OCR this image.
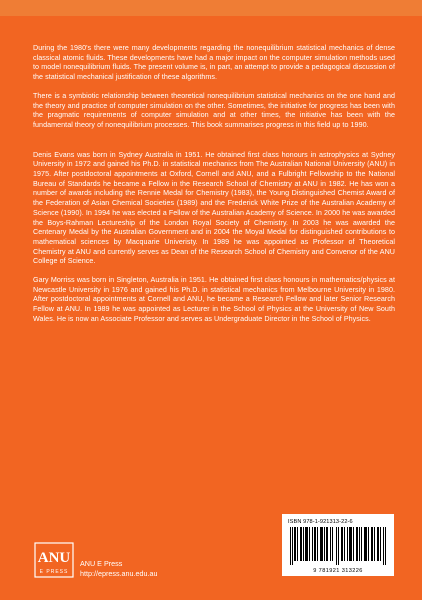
During the 1980's there were many developments regarding the nonequilibrium statistical mechanics of dense classical atomic fluids. These developments have had a major impact on the computer simulation methods used to model nonequilibrium fluids. The present volume is, in part, an attempt to provide a pedagogical discussion of the statistical mechanical justification of these algorithms.

There is a symbiotic relationship between theoretical nonequilibrium statistical mechanics on the one hand and the theory and practice of computer simulation on the other. Sometimes, the initiative for progress has been with the pragmatic requirements of computer simulation and at other times, the initiative has been with the fundamental theory of nonequilibrium processes. This book summarises progress in this field up to 1990.

Denis Evans was born in Sydney Australia in 1951. He obtained first class honours in astrophysics at Sydney University in 1972 and gained his Ph.D. in statistical mechanics from The Australian National University (ANU) in 1975. After postdoctoral appointments at Oxford, Cornell and ANU, and a Fulbright Fellowship to the National Bureau of Standards he became a Fellow in the Research School of Chemistry at ANU in 1982. He has won a number of awards including the Rennie Medal for Chemistry (1983), the Young Distinguished Chemist Award of the Federation of Asian Chemical Societies (1989) and the Frederick White Prize of the Australian Academy of Science (1990). In 1994 he was elected a Fellow of the Australian Academy of Science. In 2000 he was awarded the Boys-Rahman Lectureship of the London Royal Society of Chemistry. In 2003 he was awarded the Centenary Medal by the Australian Government and in 2004 the Moyal Medal for distinguished contributions to mathematical sciences by Macquarie Univeristy. In 1989 he was appointed as Professor of Theoretical Chemistry at ANU and currently serves as Dean of the Research School of Chemistry and Convenor of the ANU College of Science.

Gary Morriss was born in Singleton, Australia in 1951. He obtained first class honours in mathematics/physics at Newcastle University in 1976 and gained his Ph.D. in statistical mechanics from Melbourne University in 1980. After postdoctoral appointments at Cornell and ANU, he became a Research Fellow and later Senior Research Fellow at ANU. In 1989 he was appointed as Lecturer in the School of Physics at the University of New South Wales. He is now an Associate Professor and serves as Undergraduate Director in the School of Physics.

ISBN 978-1-921313-22-6
9 781921 313226
ANU
E PRESS
ANU E Press
http://epress.anu.edu.au
